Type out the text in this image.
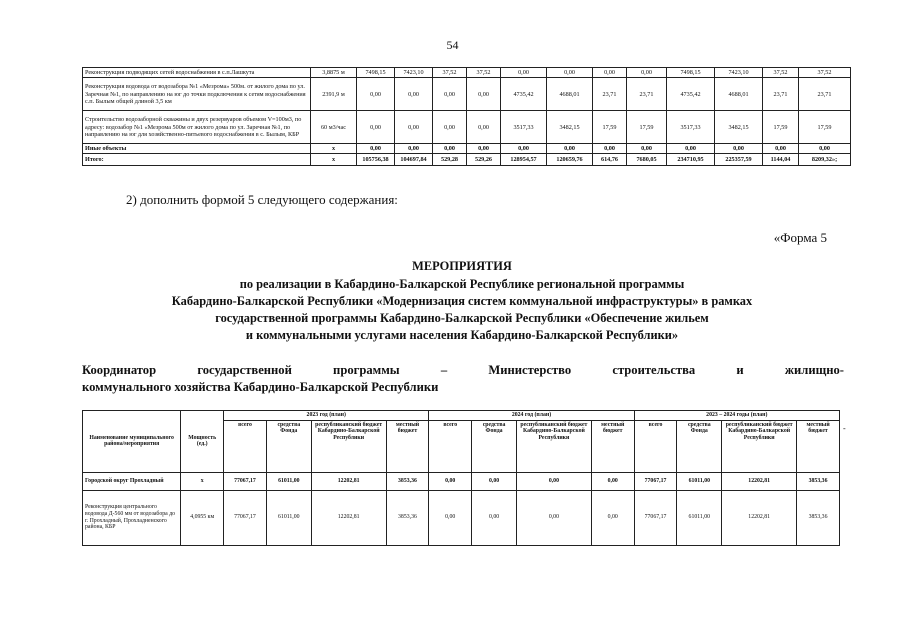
54
Реконструкция подводящих сетей водоснабжения в с.п.Лашкута	3,8875 м	7498,15	7423,10	37,52	37,52	0,00	0,00	0,00	0,00	7498,15	7423,10	37,52	37,52
Реконструкция водовода от водозабора №1 «Мезрома» 500м. от жилого дома по ул. Заречная №1, по направлению на юг до точки подключения к сетям водоснабжения с.п. Былым общей длиной 3,5 км	2391,9 м	0,00	0,00	0,00	0,00	4735,42	4688,01	23,71	23,71	4735,42	4688,01	23,71	23,71
Строительство водозаборной скважины и двух резервуаров объемом V=100м3, по адресу: водозабор №1 «Мезрома 500м от жилого дома по ул. Заречная №1, по направлению на юг для хозяйственно-питьевого водоснабжения в с. Былым, КБР	60 м3/час	0,00	0,00	0,00	0,00	3517,33	3482,15	17,59	17,59	3517,33	3482,15	17,59	17,59
Иные объекты	х	0,00	0,00	0,00	0,00	0,00	0,00	0,00	0,00	0,00	0,00	0,00	0,00
Итого:	х	105756,38	104697,84	529,28	529,26	128954,57	120659,76	614,76	7680,05	234710,95	225357,59	1144,04	8209,32»;
2) дополнить формой 5 следующего содержания:
«Форма 5
МЕРОПРИЯТИЯ
по реализации в Кабардино-Балкарской Республике региональной программы
Кабардино-Балкарской Республики «Модернизация систем коммунальной инфраструктуры» в рамках
государственной программы Кабардино-Балкарской Республики «Обеспечение жильем
и коммунальными услугами населения Кабардино-Балкарской Республики»
Координатор государственной программы – Министерство строительства и жилищно-
коммунального хозяйства Кабардино-Балкарской Республики
Наименование муниципального района/мероприятия	Мощность (ед.)	2023 год (план)				2024 год (план)				2023 – 2024 годы (план)			
		всего	средства Фонда	республиканский бюджет Кабардино-Балкарской Республики	местный бюджет	всего	средства Фонда	республиканский бюджет Кабардино-Балкарской Республики	местный бюджет	всего	средства Фонда	республиканский бюджет Кабардино-Балкарской Республики	местный бюджет
Городской округ Прохладный	х	77067,17	61011,00	12202,81	3853,36	0,00	0,00	0,00	0,00	77067,17	61011,00	12202,81	3853,36
Реконструкция центрального водовода Д-560 мм от водозабора до г. Прохладный, Прохладненского района, КБР	4,0955 км	77067,17	61011,00	12202,81	3853,36	0,00	0,00	0,00	0,00	77067,17	61011,00	12202,81	3853,36
-
